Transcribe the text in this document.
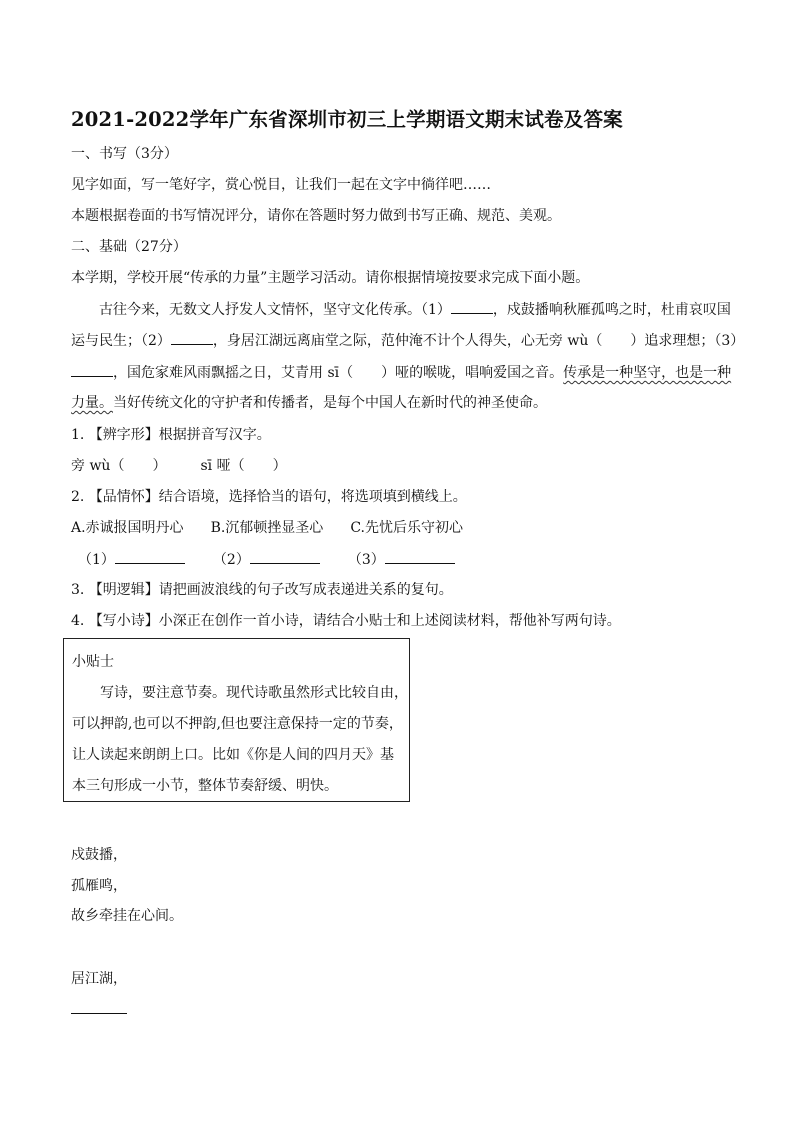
2021-2022学年广东省深圳市初三上学期语文期末试卷及答案
一、书写（3分）
见字如面，写一笔好字，赏心悦目，让我们一起在文字中徜徉吧……
本题根据卷面的书写情况评分，请你在答题时努力做到书写正确、规范、美观。
二、基础（27分）
本学期，学校开展“传承的力量”主题学习活动。请你根据情境按要求完成下面小题。
古往今来，无数文人抒发人文情怀，坚守文化传承。（1）	，戍鼓播响秋雁孤鸣之时，杜甫哀叹国
运与民生；（2）	，身居江湖远离庙堂之际，范仲淹不计个人得失，心无旁 wù（　　）追求理想；（3）
，国危家难风雨飘摇之日，艾青用 sī（　　）哑的喉咙，唱响爱国之音。传承是一种坚守，也是一种
力量。当好传统文化的守护者和传播者，是每个中国人在新时代的神圣使命。
1. 【辨字形】根据拼音写汉字。
旁 wù（　　） sī 哑（　　）
2. 【品情怀】结合语境，选择恰当的语句，将选项填到横线上。
A.赤诚报国明丹心 B.沉郁顿挫显圣心 C.先忧后乐守初心
（1）	（2）	（3）
3. 【明逻辑】请把画波浪线的句子改写成表递进关系的复句。
4. 【写小诗】小深正在创作一首小诗，请结合小贴士和上述阅读材料，帮他补写两句诗。
小贴士
写诗，要注意节奏。现代诗歌虽然形式比较自由，
可以押韵,也可以不押韵,但也要注意保持一定的节奏，
让人读起来朗朗上口。比如《你是人间的四月天》基
本三句形成一小节，整体节奏舒缓、明快。
戍鼓播，
孤雁鸣，
故乡牵挂在心间。
居江湖，
